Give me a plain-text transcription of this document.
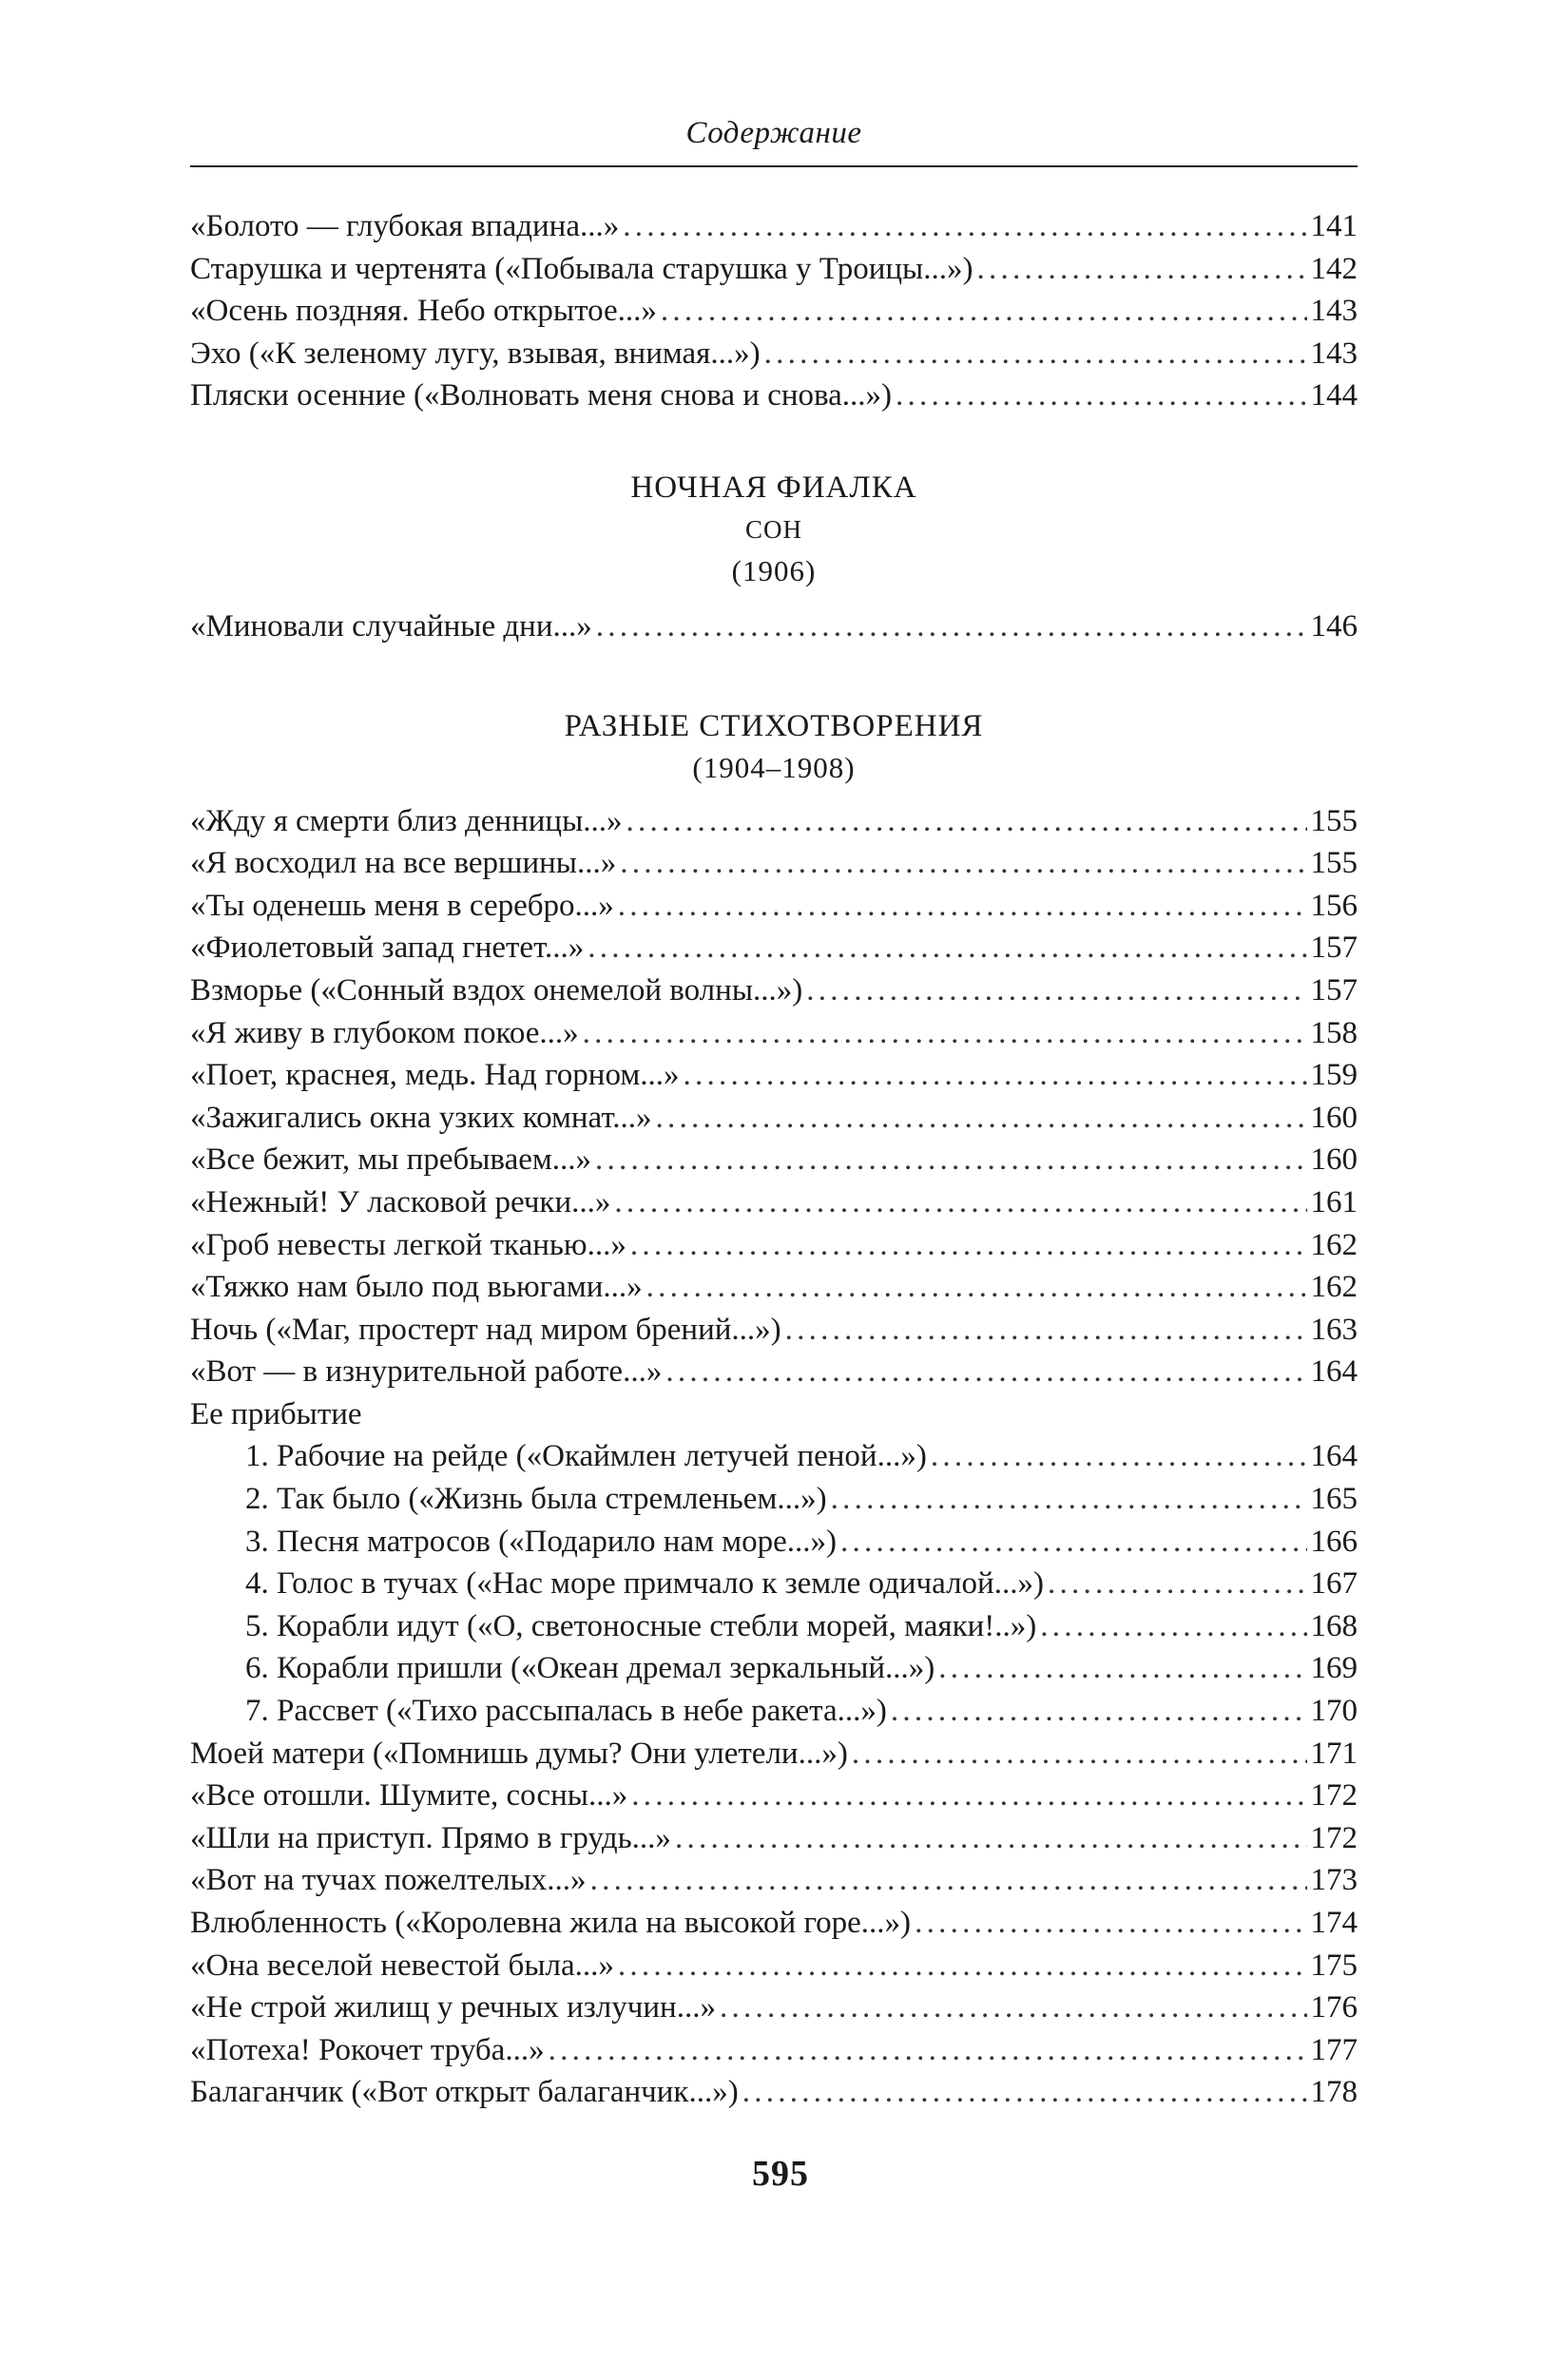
Содержание
«Болото — глубокая впадина...» . . .	141
Старушка и чертенята («Побывала старушка у Троицы...») . . .	142
«Осень поздняя. Небо открытое...» . . .	143
Эхо («К зеленому лугу, взывая, внимая...») . . .	143
Пляски осенние («Волновать меня снова и снова...») . . .	144
НОЧНАЯ ФИАЛКА
СОН
(1906)
«Миновали случайные дни...» . . .	146
РАЗНЫЕ СТИХОТВОРЕНИЯ
(1904–1908)
«Жду я смерти близ денницы...» . . .	155
«Я восходил на все вершины...» . . .	155
«Ты оденешь меня в серебро...» . . .	156
«Фиолетовый запад гнетет...» . . .	157
Взморье («Сонный вздох онемелой волны...») . . .	157
«Я живу в глубоком покое...» . . .	158
«Поет, краснея, медь. Над горном...» . . .	159
«Зажигались окна узких комнат...» . . .	160
«Все бежит, мы пребываем...» . . .	160
«Нежный! У ласковой речки...» . . .	161
«Гроб невесты легкой тканью...» . . .	162
«Тяжко нам было под вьюгами...» . . .	162
Ночь («Маг, простерт над миром брений...») . . .	163
«Вот — в изнурительной работе...» . . .	164
Ее прибытие
1. Рабочие на рейде («Окаймлен летучей пеной...») . . .	164
2. Так было («Жизнь была стремленьем...») . . .	165
3. Песня матросов («Подарило нам море...») . . .	166
4. Голос в тучах («Нас море примчало к земле одичалой...») . . .	167
5. Корабли идут («О, светоносные стебли морей, маяки!..») . . .	168
6. Корабли пришли («Океан дремал зеркальный...») . . .	169
7. Рассвет («Тихо рассыпалась в небе ракета...») . . .	170
Моей матери («Помнишь думы? Они улетели...») . . .	171
«Все отошли. Шумите, сосны...» . . .	172
«Шли на приступ. Прямо в грудь...» . . .	172
«Вот на тучах пожелтелых...» . . .	173
Влюбленность («Королевна жила на высокой горе...») . . .	174
«Она веселой невестой была...» . . .	175
«Не строй жилищ у речных излучин...» . . .	176
«Потеха! Рокочет труба...» . . .	177
Балаганчик («Вот открыт балаганчик...») . . .	178
595
